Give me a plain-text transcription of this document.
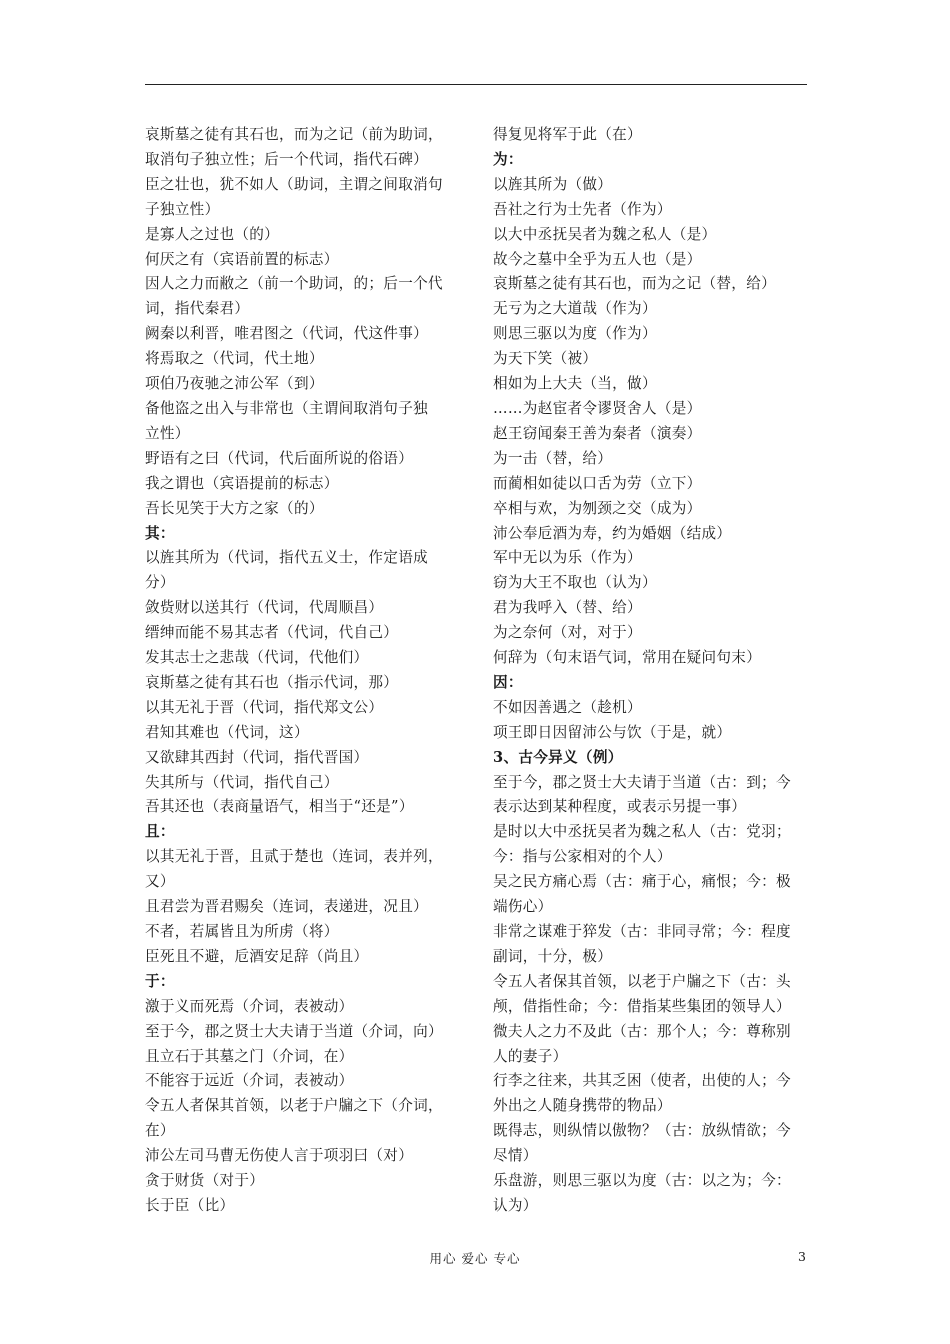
哀斯墓之徒有其石也，而为之记（前为助词，
取消句子独立性；后一个代词，指代石碑）
臣之壮也，犹不如人（助词，主谓之间取消句
子独立性）
是寡人之过也（的）
何厌之有（宾语前置的标志）
因人之力而敝之（前一个助词，的；后一个代
词，指代秦君）
阙秦以利晋，唯君图之（代词，代这件事）
将焉取之（代词，代土地）
项伯乃夜驰之沛公军（到）
备他盗之出入与非常也（主谓间取消句子独
立性）
野语有之曰（代词，代后面所说的俗语）
我之谓也（宾语提前的标志）
吾长见笑于大方之家（的）
其：
以旌其所为（代词，指代五义士，作定语成
分）
敛赀财以送其行（代词，代周顺昌）
缙绅而能不易其志者（代词，代自己）
发其志士之悲哉（代词，代他们）
哀斯墓之徒有其石也（指示代词，那）
以其无礼于晋（代词，指代郑文公）
君知其难也（代词，这）
又欲肆其西封（代词，指代晋国）
失其所与（代词，指代自己）
吾其还也（表商量语气，相当于“还是”）
且：
以其无礼于晋，且贰于楚也（连词，表并列，
又）
且君尝为晋君赐矣（连词，表递进，况且）
不者，若属皆且为所虏（将）
臣死且不避，卮酒安足辞（尚且）
于：
激于义而死焉（介词，表被动）
至于今，郡之贤士大夫请于当道（介词，向）
且立石于其墓之门（介词，在）
不能容于远近（介词，表被动）
令五人者保其首领，以老于户牖之下（介词，
在）
沛公左司马曹无伤使人言于项羽曰（对）
贪于财货（对于）
长于臣（比）
得复见将军于此（在）
为：
以旌其所为（做）
吾社之行为士先者（作为）
以大中丞抚吴者为魏之私人（是）
故今之墓中全乎为五人也（是）
哀斯墓之徒有其石也，而为之记（替，给）
无亏为之大道哉（作为）
则思三驱以为度（作为）
为天下笑（被）
相如为上大夫（当，做）
……为赵宦者令谬贤舍人（是）
赵王窃闻秦王善为秦者（演奏）
为一击（替，给）
而蔺相如徒以口舌为劳（立下）
卒相与欢，为刎颈之交（成为）
沛公奉卮酒为寿，约为婚姻（结成）
军中无以为乐（作为）
窃为大王不取也（认为）
君为我呼入（替、给）
为之奈何（对，对于）
何辞为（句末语气词，常用在疑问句末）
因：
不如因善遇之（趁机）
项王即日因留沛公与饮（于是，就）
3、古今异义（例）
至于今，郡之贤士大夫请于当道（古：到；今
表示达到某种程度，或表示另提一事）
是时以大中丞抚吴者为魏之私人（古：党羽；
今：指与公家相对的个人）
吴之民方痛心焉（古：痛于心，痛恨；今：极
端伤心）
非常之谋难于猝发（古：非同寻常；今：程度
副词，十分，极）
令五人者保其首领，以老于户牖之下（古：头
颅，借指性命；今：借指某些集团的领导人）
微夫人之力不及此（古：那个人；今：尊称别
人的妻子）
行李之往来，共其乏困（使者，出使的人；今
外出之人随身携带的物品）
既得志，则纵情以傲物？（古：放纵情欲；今
尽情）
乐盘游，则思三驱以为度（古：以之为；今：
认为）
用心 爱心 专心	3
